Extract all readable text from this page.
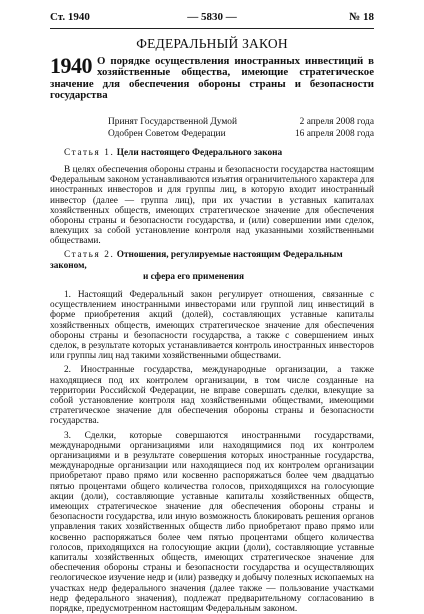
Ст. 1940	— 5830 —	№ 18
ФЕДЕРАЛЬНЫЙ ЗАКОН
1940 О порядке осуществления иностранных инвестиций в хозяйственные общества, имеющие стратегическое значение для обеспечения обороны страны и безопасности государства

Принят Государственной Думой	2 апреля 2008 года
Одобрен Советом Федерации	16 апреля 2008 года

Статья 1. Цели настоящего Федерального закона

В целях обеспечения обороны страны и безопасности государства настоящим Федеральным законом устанавливаются изъятия ограничительного характера для иностранных инвесторов и для группы лиц, в которую входит иностранный инвестор (далее — группа лиц), при их участии в уставных капиталах хозяйственных обществ, имеющих стратегическое значение для обеспечения обороны страны и безопасности государства, и (или) совершении ими сделок, влекущих за собой установление контроля над указанными хозяйственными обществами.

Статья 2. Отношения, регулируемые настоящим Федеральным законом,
и сфера его применения

1. Настоящий Федеральный закон регулирует отношения, связанные с осуществлением иностранными инвесторами или группой лиц инвестиций в форме приобретения акций (долей), составляющих уставные капиталы хозяйственных обществ, имеющих стратегическое значение для обеспечения обороны страны и безопасности государства, а также с совершением иных сделок, в результате которых устанавливается контроль иностранных инвесторов или группы лиц над такими хозяйственными обществами.

2. Иностранные государства, международные организации, а также находящиеся под их контролем организации, в том числе созданные на территории Российской Федерации, не вправе совершать сделки, влекущие за собой установление контроля над хозяйственными обществами, имеющими стратегическое значение для обеспечения обороны страны и безопасности государства.

3. Сделки, которые совершаются иностранными государствами, международными организациями или находящимися под их контролем организациями и в результате совершения которых иностранные государства, международные организации или находящиеся под их контролем организации приобретают право прямо или косвенно распоряжаться более чем двадцатью пятью процентами общего количества голосов, приходящихся на голосующие акции (доли), составляющие уставные капиталы хозяйственных обществ, имеющих стратегическое значение для обеспечения обороны страны и безопасности государства, или иную возможность блокировать решения органов управления таких хозяйственных обществ либо приобретают право прямо или косвенно распоряжаться более чем пятью процентами общего количества голосов, приходящихся на голосующие акции (доли), составляющие уставные капиталы хозяйственных обществ, имеющих стратегическое значение для обеспечения обороны страны и безопасности государства и осуществляющих геологическое изучение недр и (или) разведку и добычу полезных ископаемых на участках недр федерального значения (далее также — пользование участками недр федерального значения), подлежат предварительному согласованию в порядке, предусмотренном настоящим Федеральным законом.
